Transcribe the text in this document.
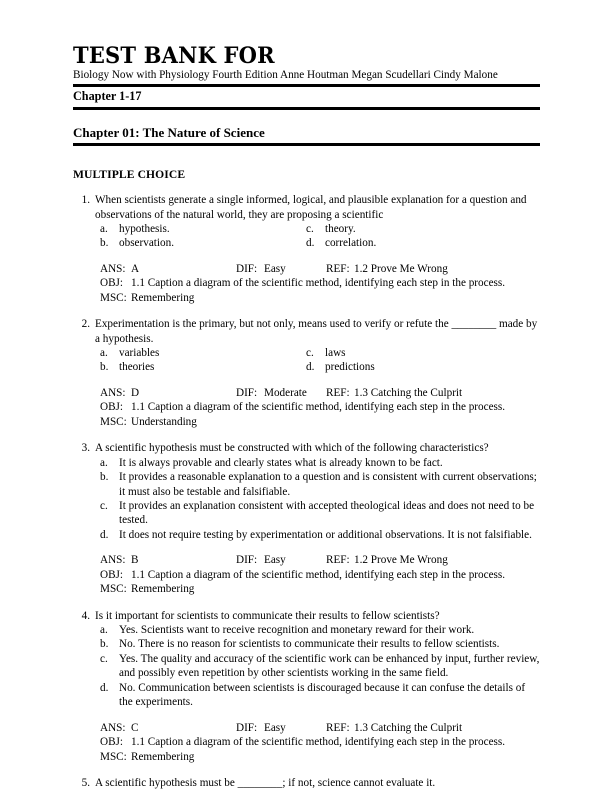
TEST BANK FOR
Biology Now with Physiology Fourth Edition Anne Houtman Megan Scudellari Cindy Malone
Chapter 1-17
Chapter 01: The Nature of Science
MULTIPLE CHOICE
1. When scientists generate a single informed, logical, and plausible explanation for a question and observations of the natural world, they are proposing a scientific
a.	hypothesis.	c.	theory.
b. observation.	d. correlation.
ANS: A	DIF: Easy	REF: 1.2 Prove Me Wrong
OBJ: 1.1 Caption a diagram of the scientific method, identifying each step in the process.
MSC: Remembering
2. Experimentation is the primary, but not only, means used to verify or refute the ________ made by a hypothesis.
a.	variables	c.	laws
b. theories	d. predictions
ANS: D	DIF: Moderate	REF: 1.3 Catching the Culprit
OBJ: 1.1 Caption a diagram of the scientific method, identifying each step in the process.
MSC: Understanding
3. A scientific hypothesis must be constructed with which of the following characteristics?
a.	It is always provable and clearly states what is already known to be fact.
b. It provides a reasonable explanation to a question and is consistent with current observations; it must also be testable and falsifiable.
c.	It provides an explanation consistent with accepted theological ideas and does not need to be tested.
d. It does not require testing by experimentation or additional observations. It is not falsifiable.
ANS: B	DIF: Easy	REF: 1.2 Prove Me Wrong
OBJ: 1.1 Caption a diagram of the scientific method, identifying each step in the process.
MSC: Remembering
4. Is it important for scientists to communicate their results to fellow scientists?
a.	Yes. Scientists want to receive recognition and monetary reward for their work.
b. No. There is no reason for scientists to communicate their results to fellow scientists.
c.	Yes. The quality and accuracy of the scientific work can be enhanced by input, further review, and possibly even repetition by other scientists working in the same field.
d. No. Communication between scientists is discouraged because it can confuse the details of the experiments.
ANS: C	DIF: Easy	REF: 1.3 Catching the Culprit
OBJ: 1.1 Caption a diagram of the scientific method, identifying each step in the process.
MSC: Remembering
5. A scientific hypothesis must be ________; if not, science cannot evaluate it.
